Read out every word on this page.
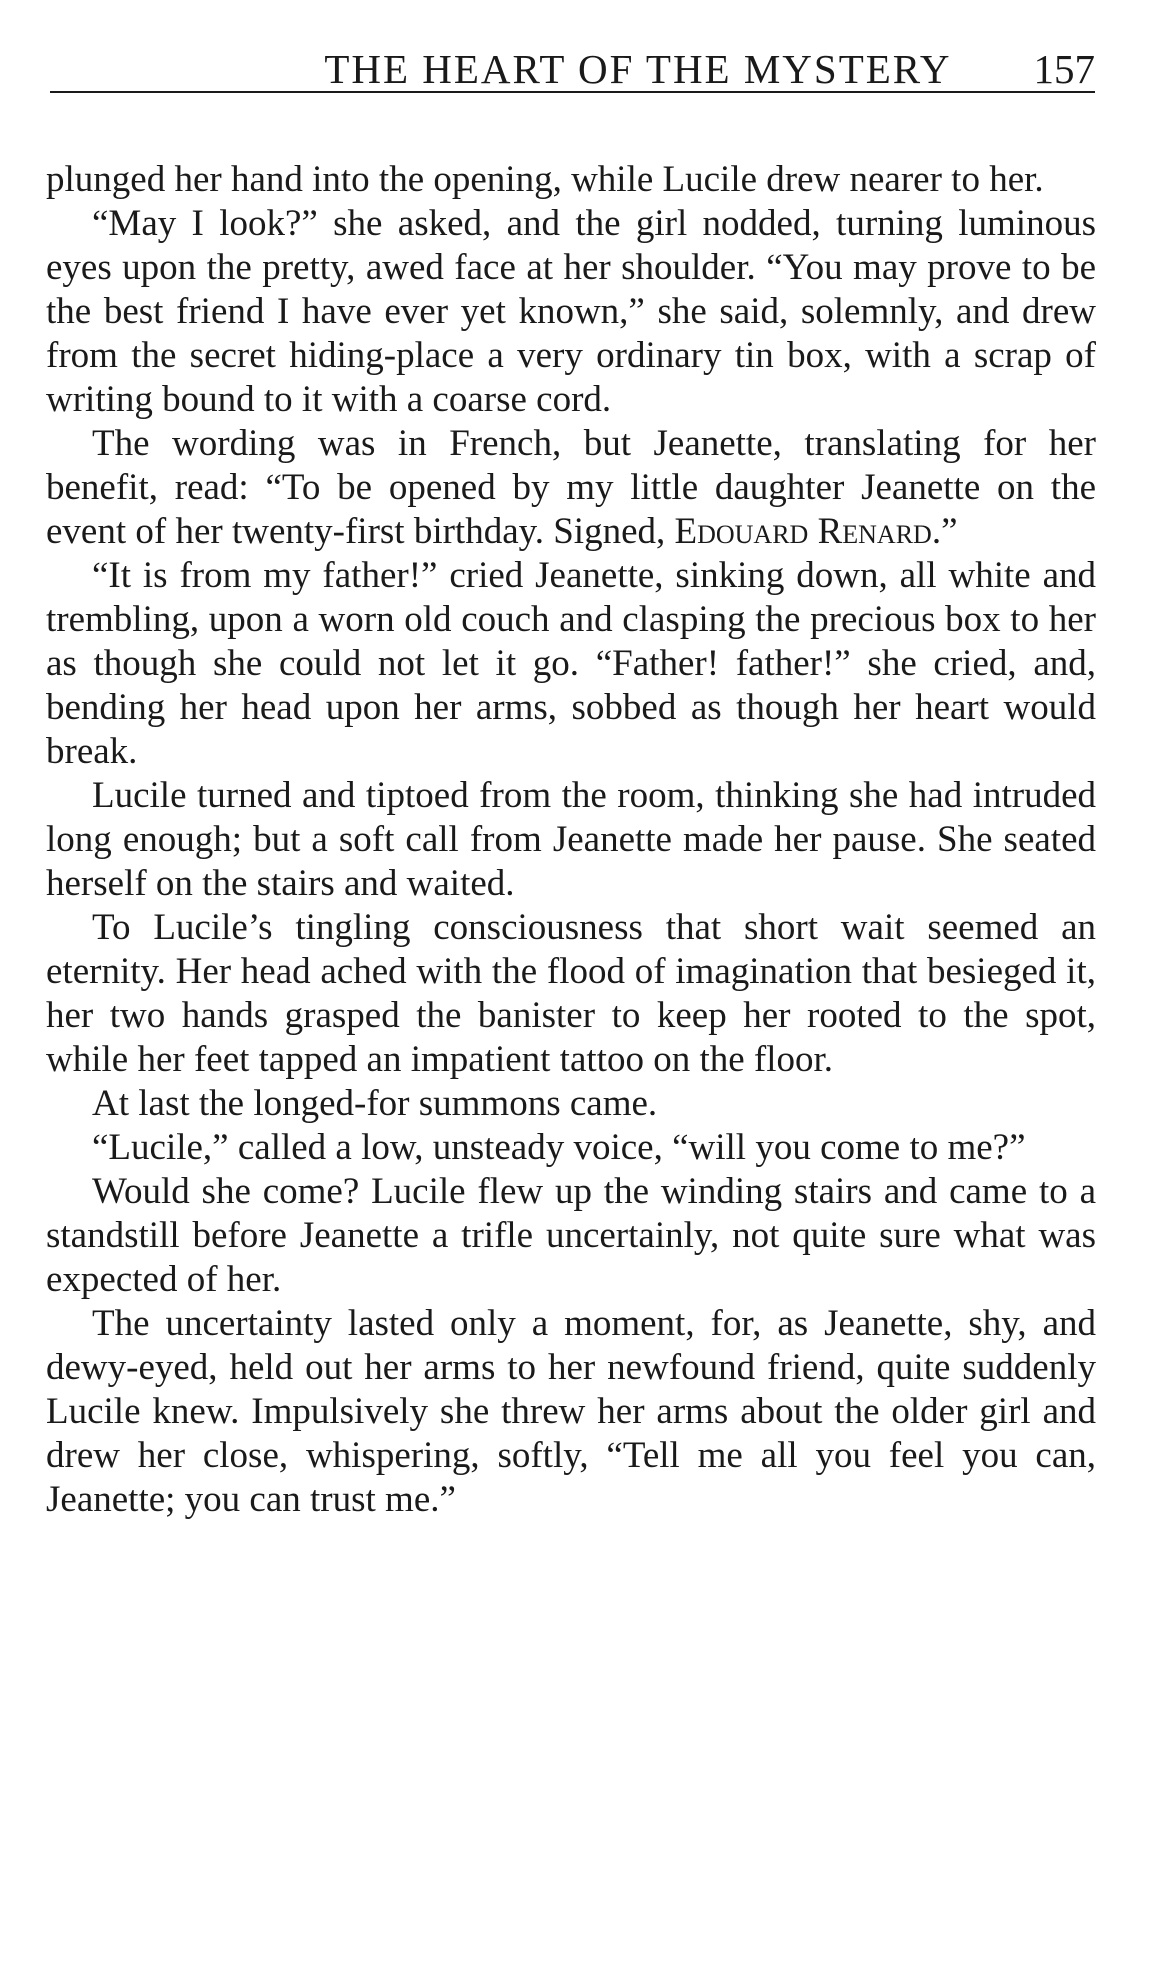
THE HEART OF THE MYSTERY 157

plunged her hand into the opening, while Lucile drew nearer to her.

“May I look?” she asked, and the girl nodded, turning luminous eyes upon the pretty, awed face at her shoulder. “You may prove to be the best friend I have ever yet known,” she said, solemnly, and drew from the secret hiding-place a very ordinary tin box, with a scrap of writing bound to it with a coarse cord.

The wording was in French, but Jeanette, translating for her benefit, read: “To be opened by my little daughter Jeanette on the event of her twenty-first birthday. Signed, Edouard Renard.”

“It is from my father!” cried Jeanette, sinking down, all white and trembling, upon a worn old couch and clasping the precious box to her as though she could not let it go. “Father! father!” she cried, and, bending her head upon her arms, sobbed as though her heart would break.

Lucile turned and tiptoed from the room, thinking she had intruded long enough; but a soft call from Jeanette made her pause. She seated herself on the stairs and waited.

To Lucile’s tingling consciousness that short wait seemed an eternity. Her head ached with the flood of imagination that besieged it, her two hands grasped the banister to keep her rooted to the spot, while her feet tapped an impatient tattoo on the floor.

At last the longed-for summons came.

“Lucile,” called a low, unsteady voice, “will you come to me?”

Would she come? Lucile flew up the winding stairs and came to a standstill before Jeanette a trifle uncertainly, not quite sure what was expected of her.

The uncertainty lasted only a moment, for, as Jeanette, shy, and dewy-eyed, held out her arms to her newfound friend, quite suddenly Lucile knew. Impulsively she threw her arms about the older girl and drew her close, whispering, softly, “Tell me all you feel you can, Jeanette; you can trust me.”
